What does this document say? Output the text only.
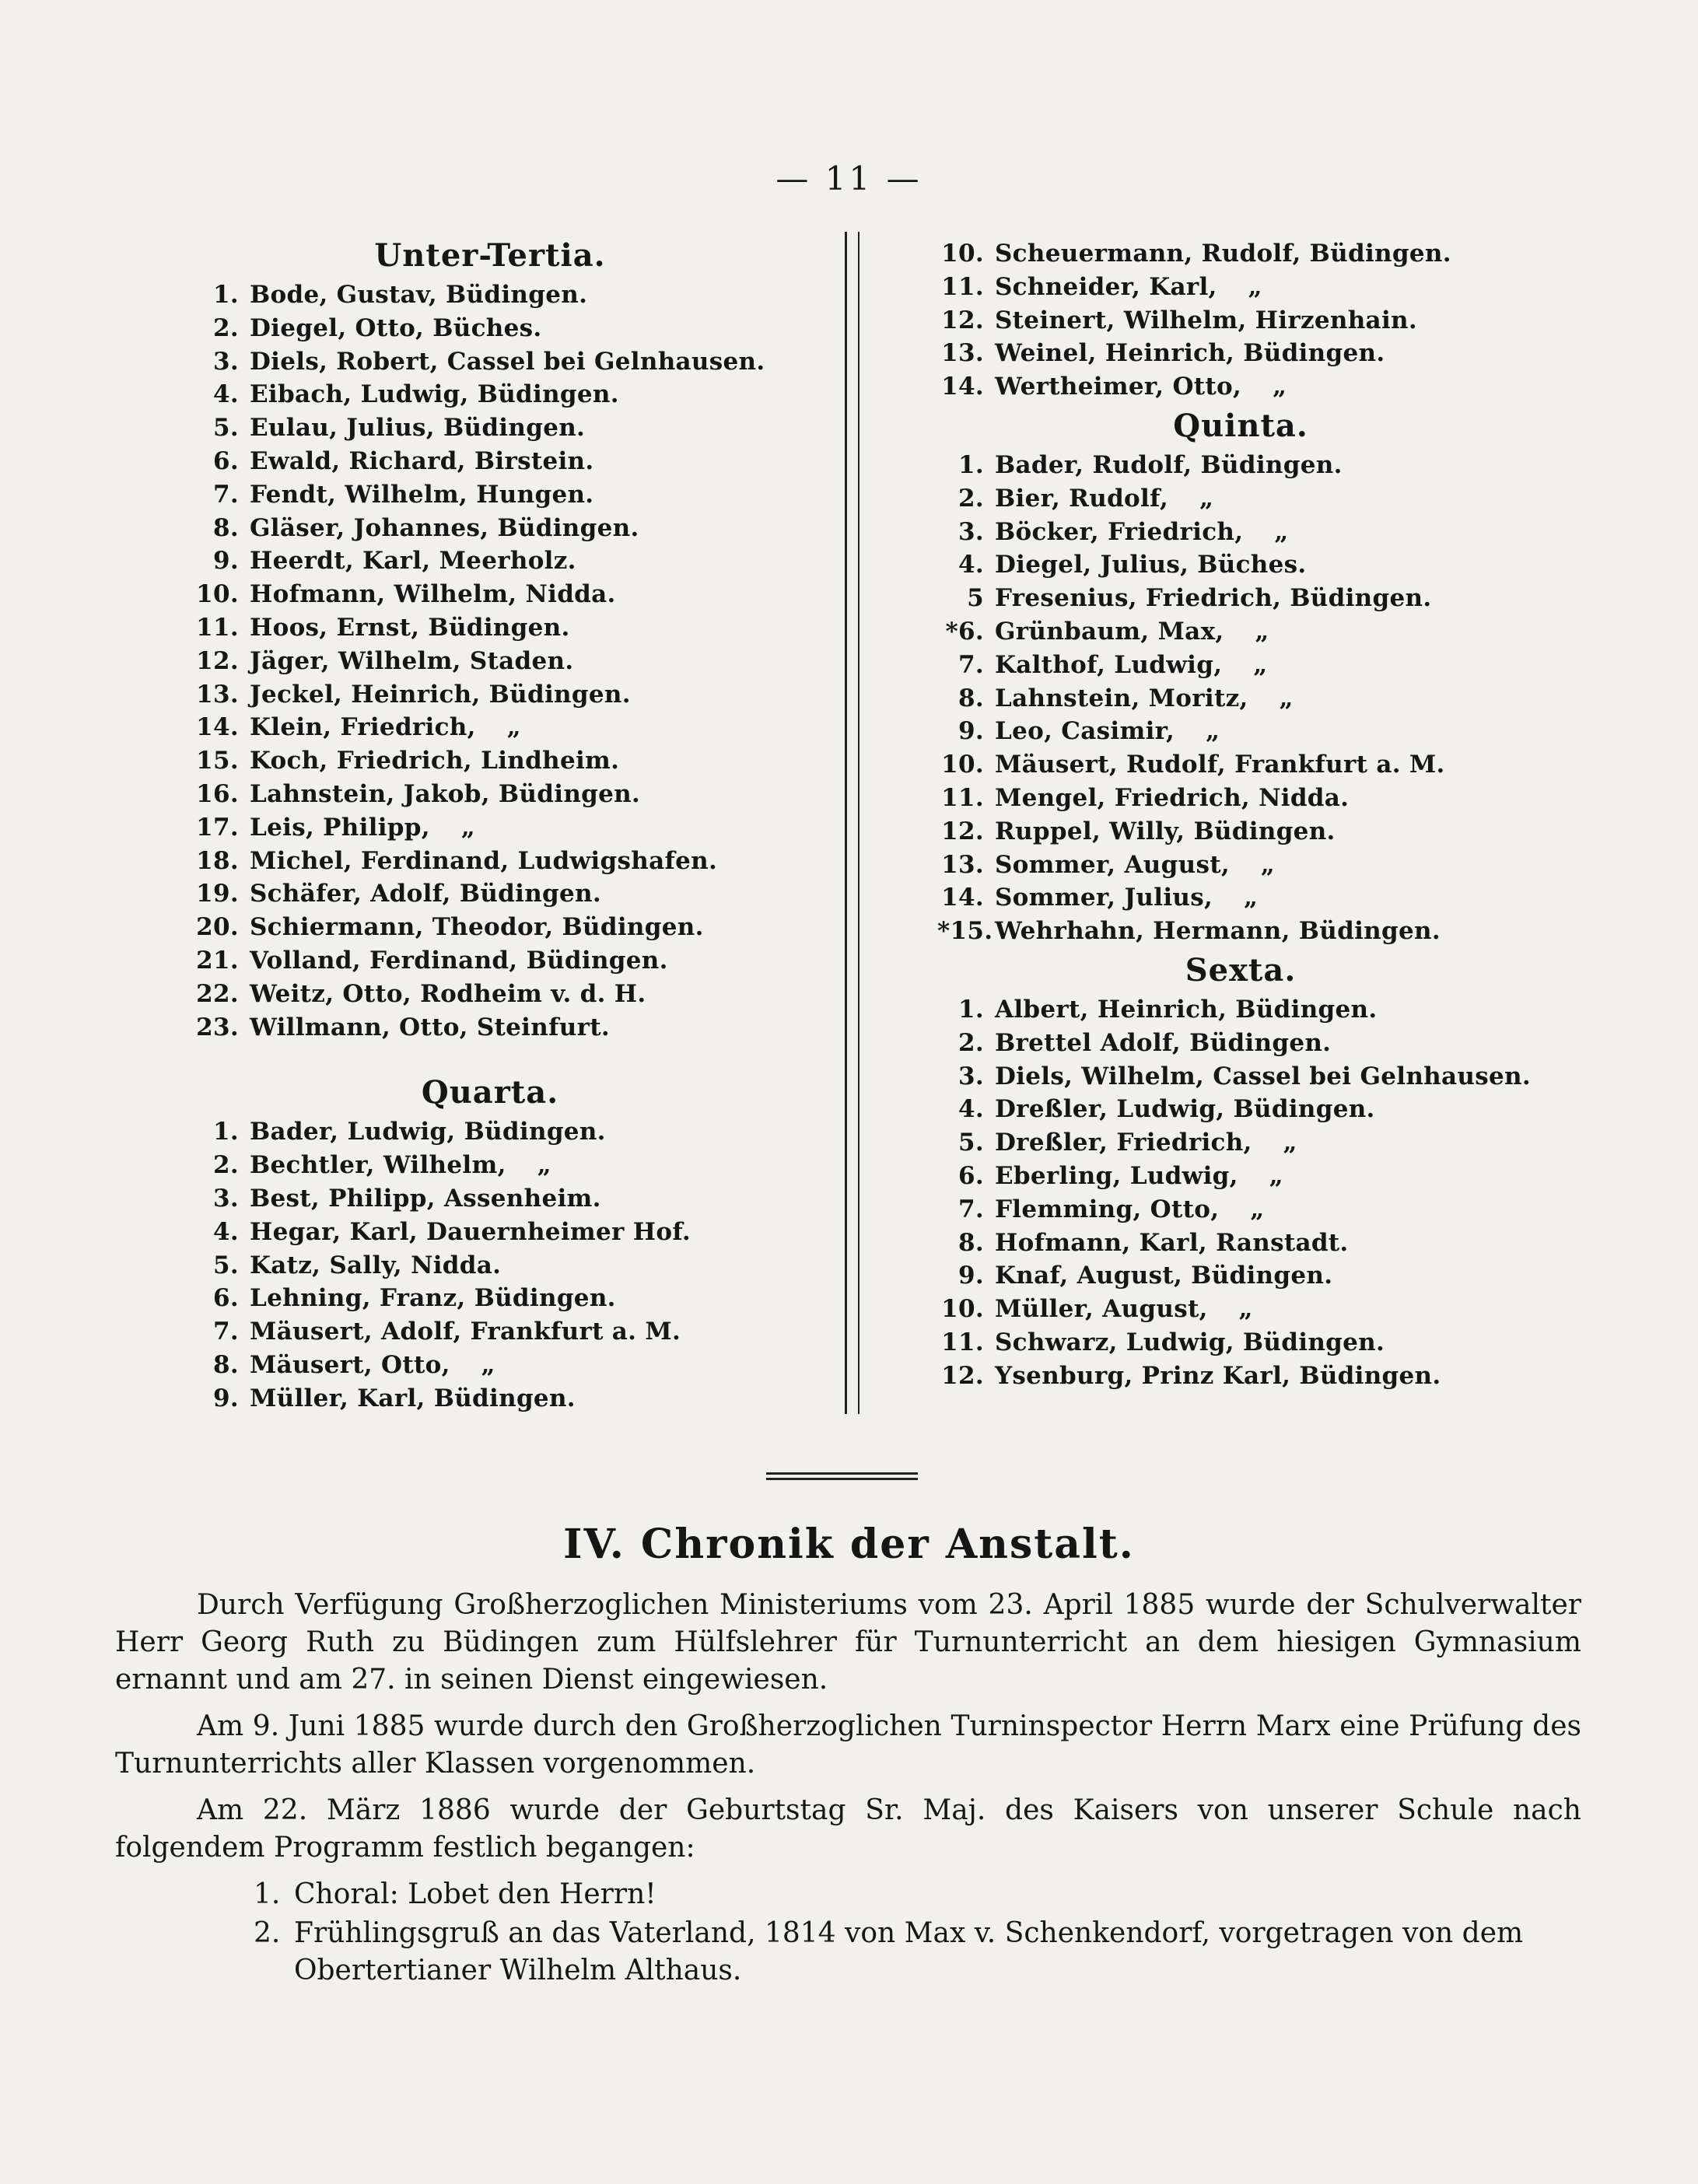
— 11 —
Unter-Tertia.
1. Bode, Gustav, Büdingen.
2. Diegel, Otto, Büches.
3. Diels, Robert, Cassel bei Gelnhausen.
4. Eibach, Ludwig, Büdingen.
5. Eulau, Julius, Büdingen.
6. Ewald, Richard, Birstein.
7. Fendt, Wilhelm, Hungen.
8. Gläser, Johannes, Büdingen.
9. Heerdt, Karl, Meerholz.
10. Hofmann, Wilhelm, Nidda.
11. Hoos, Ernst, Büdingen.
12. Jäger, Wilhelm, Staden.
13. Jeckel, Heinrich, Büdingen.
14. Klein, Friedrich, „
15. Koch, Friedrich, Lindheim.
16. Lahnstein, Jakob, Büdingen.
17. Leis, Philipp, „
18. Michel, Ferdinand, Ludwigshafen.
19. Schäfer, Adolf, Büdingen.
20. Schiermann, Theodor, Büdingen.
21. Volland, Ferdinand, Büdingen.
22. Weitz, Otto, Rodheim v. d. H.
23. Willmann, Otto, Steinfurt.
Quarta.
1. Bader, Ludwig, Büdingen.
2. Bechtler, Wilhelm, „
3. Best, Philipp, Assenheim.
4. Hegar, Karl, Dauernheimer Hof.
5. Katz, Sally, Nidda.
6. Lehning, Franz, Büdingen.
7. Mäusert, Adolf, Frankfurt a. M.
8. Mäusert, Otto, „
9. Müller, Karl, Büdingen.
10. Scheuermann, Rudolf, Büdingen.
11. Schneider, Karl, „
12. Steinert, Wilhelm, Hirzenhain.
13. Weinel, Heinrich, Büdingen.
14. Wertheimer, Otto, „
Quinta.
1. Bader, Rudolf, Büdingen.
2. Bier, Rudolf, „
3. Böcker, Friedrich, „
4. Diegel, Julius, Büches.
5 Fresenius, Friedrich, Büdingen.
*6. Grünbaum, Max, „
7. Kalthof, Ludwig, „
8. Lahnstein, Moritz, „
9. Leo, Casimir, „
10. Mäusert, Rudolf, Frankfurt a. M.
11. Mengel, Friedrich, Nidda.
12. Ruppel, Willy, Büdingen.
13. Sommer, August, „
14. Sommer, Julius, „
*15.Wehrhahn, Hermann, Büdingen.
Sexta.
1. Albert, Heinrich, Büdingen.
2. Brettel Adolf, Büdingen.
3. Diels, Wilhelm, Cassel bei Gelnhausen.
4. Dreßler, Ludwig, Büdingen.
5. Dreßler, Friedrich, „
6. Eberling, Ludwig, „
7. Flemming, Otto, „
8. Hofmann, Karl, Ranstadt.
9. Knaf, August, Büdingen.
10. Müller, August, „
11. Schwarz, Ludwig, Büdingen.
12. Ysenburg, Prinz Karl, Büdingen.
IV. Chronik der Anstalt.

Durch Verfügung Großherzoglichen Ministeriums vom 23. April 1885 wurde der Schulverwalter Herr Georg Ruth zu Büdingen zum Hülfslehrer für Turnunterricht an dem hiesigen Gymnasium ernannt und am 27. in seinen Dienst eingewiesen.

Am 9. Juni 1885 wurde durch den Großherzoglichen Turninspector Herrn Marx eine Prüfung des Turnunterrichts aller Klassen vorgenommen.

Am 22. März 1886 wurde der Geburtstag Sr. Maj. des Kaisers von unserer Schule nach folgendem Programm festlich begangen:

1. Choral: Lobet den Herrn!
2. Frühlingsgruß an das Vaterland, 1814 von Max v. Schenkendorf, vorgetragen von dem Obertertianer Wilhelm Althaus.
